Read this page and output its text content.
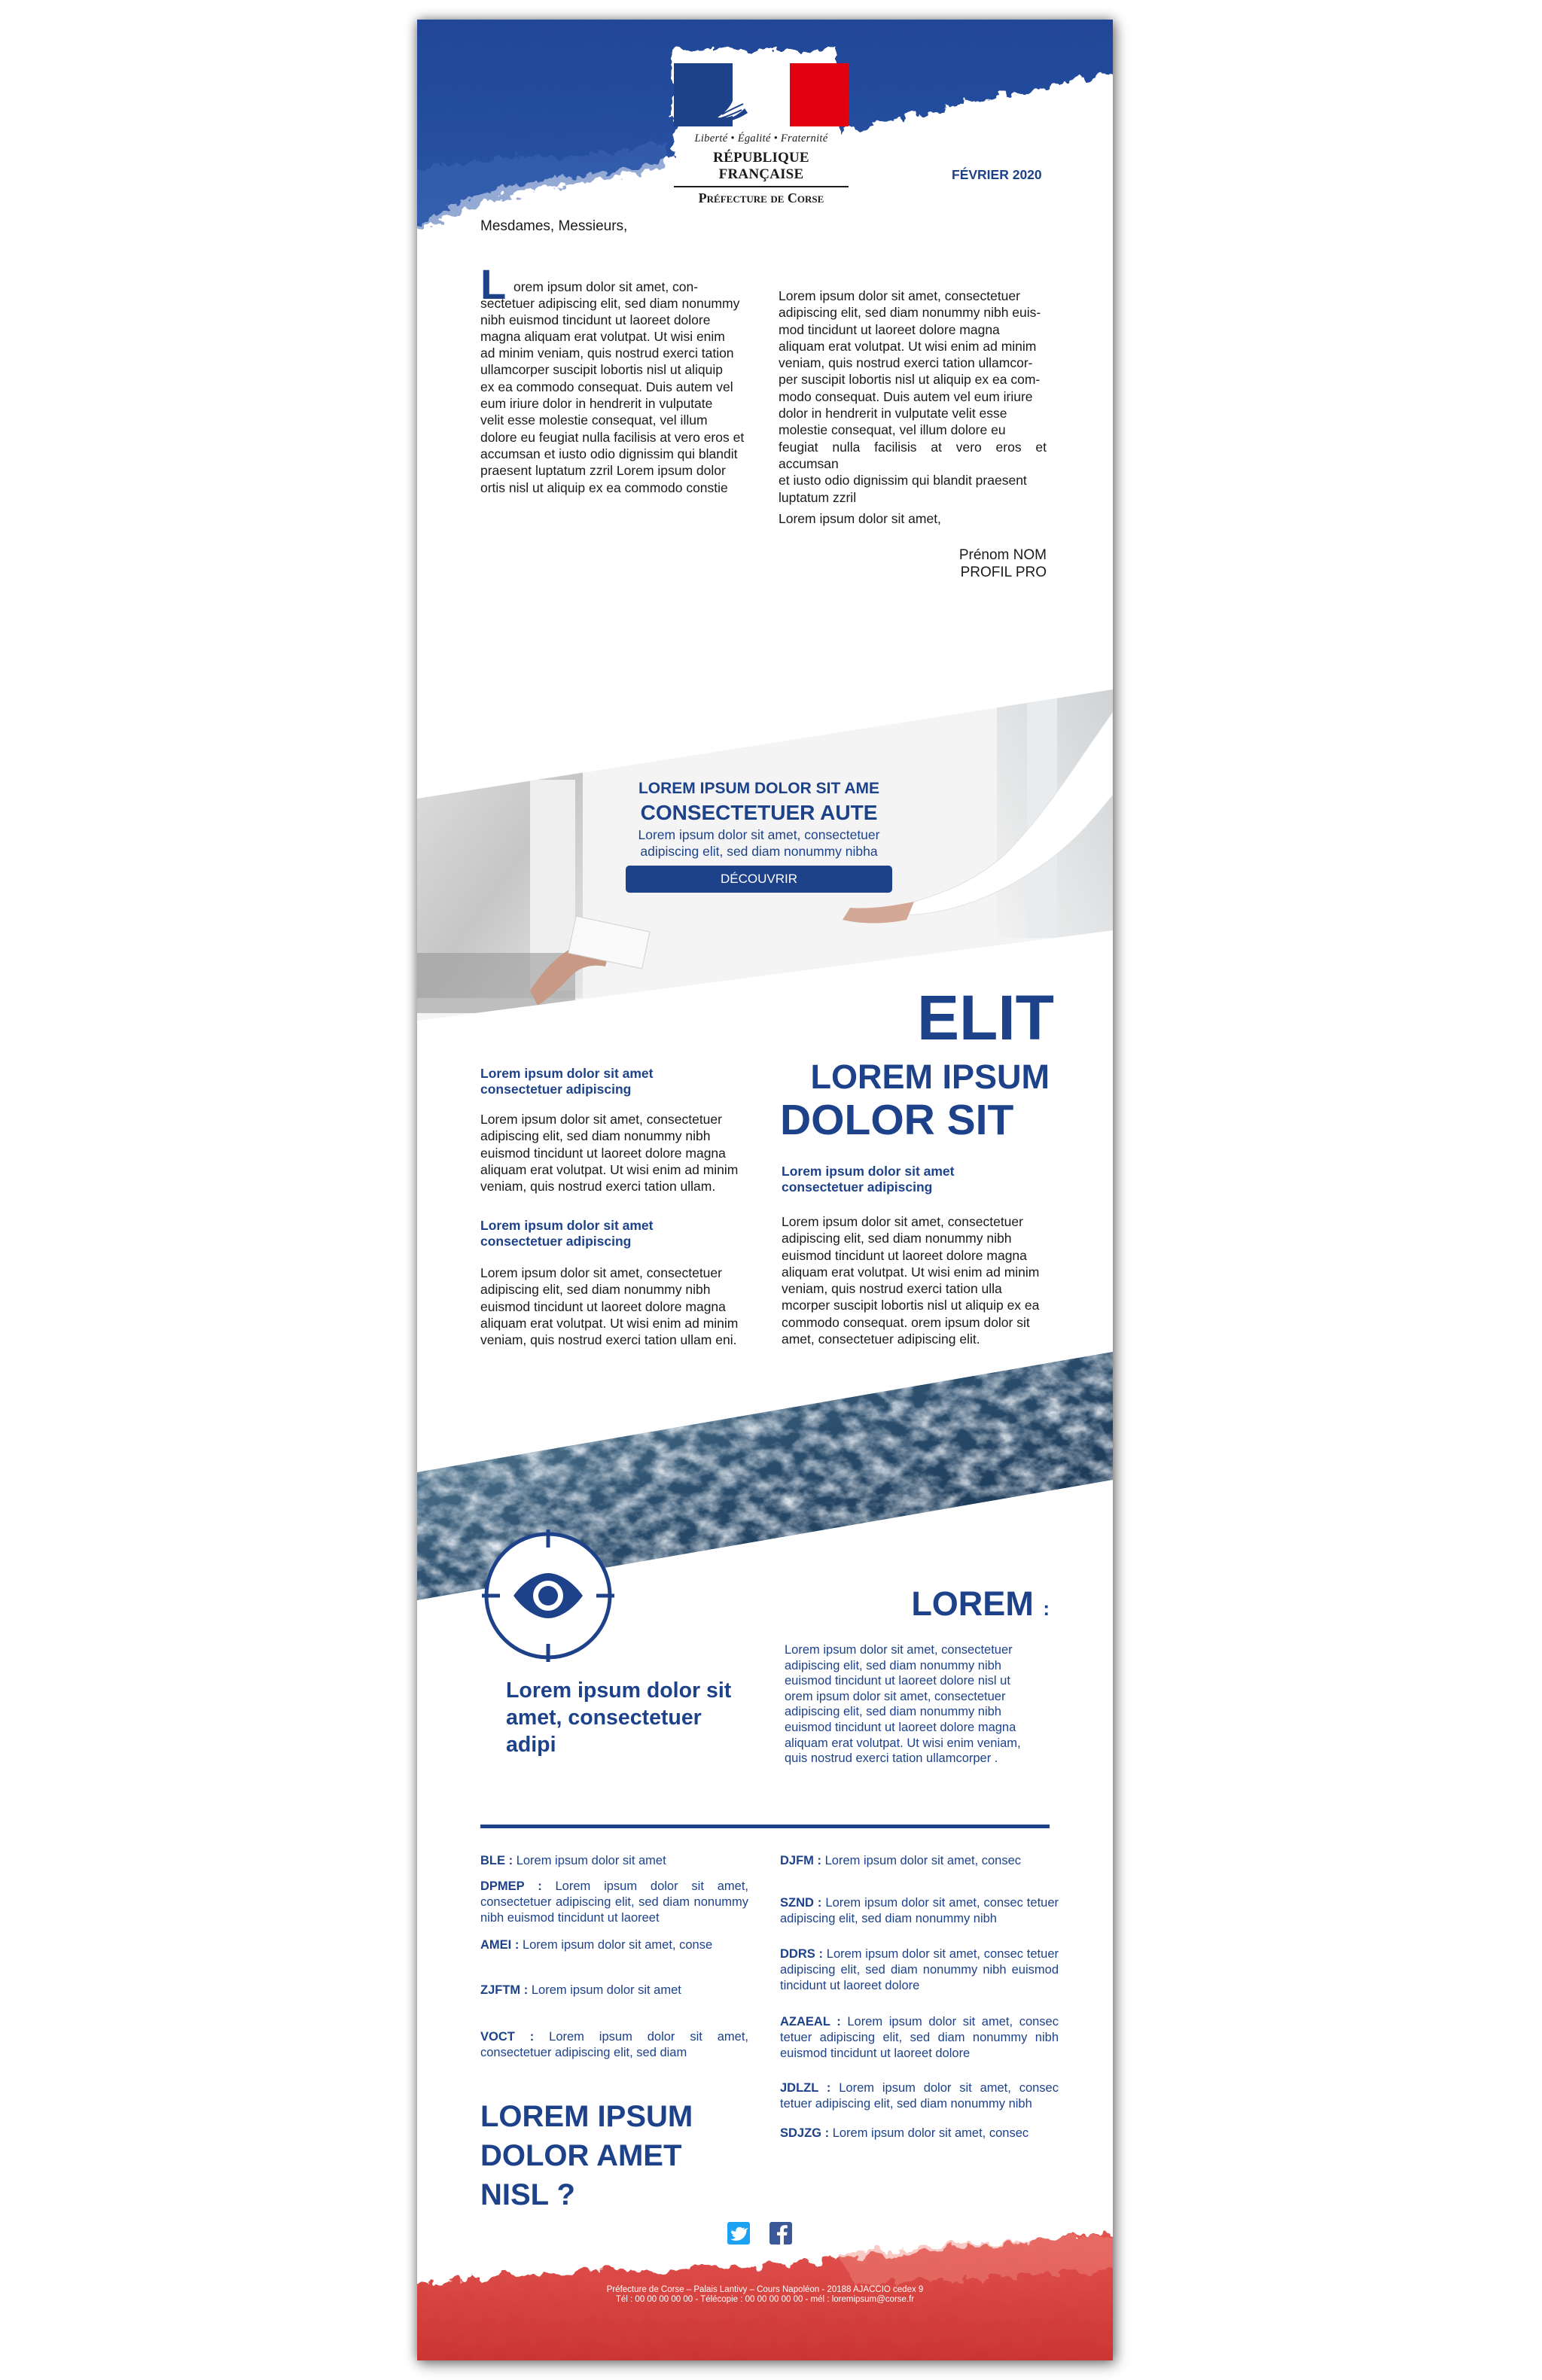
Liberté • Égalité • Fraternité
RÉPUBLIQUE FRANÇAISE
Préfecture de Corse
FÉVRIER 2020
Mesdames, Messieurs,
L orem ipsum dolor sit amet, con-
sectetuer adipiscing elit, sed diam nonummy
nibh euismod tincidunt ut laoreet dolore
magna aliquam erat volutpat. Ut wisi enim
ad minim veniam, quis nostrud exerci tation
ullamcorper suscipit lobortis nisl ut aliquip
ex ea commodo consequat. Duis autem vel
eum iriure dolor in hendrerit in vulputate
velit esse molestie consequat, vel illum
dolore eu feugiat nulla facilisis at vero eros et
accumsan et iusto odio dignissim qui blandit
praesent luptatum zzril Lorem ipsum dolor
ortis nisl ut aliquip ex ea commodo constie
Lorem ipsum dolor sit amet, consectetuer
adipiscing elit, sed diam nonummy nibh euis-
mod tincidunt ut laoreet dolore magna
aliquam erat volutpat. Ut wisi enim ad minim
veniam, quis nostrud exerci tation ullamcor-
per suscipit lobortis nisl ut aliquip ex ea com-
modo consequat. Duis autem vel eum iriure
dolor in hendrerit in vulputate velit esse
molestie consequat, vel illum dolore eu
feugiat nulla facilisis at vero eros et accumsan
et iusto odio dignissim qui blandit praesent
luptatum zzril
Lorem ipsum dolor sit amet,
Prénom NOM
PROFIL PRO
LOREM IPSUM DOLOR SIT AME
CONSECTETUER AUTE
Lorem ipsum dolor sit amet, consectetuer
adipiscing elit, sed diam nonummy nibha
DÉCOUVRIR
ELIT
LOREM IPSUM
DOLOR SIT
Lorem ipsum dolor sit amet
consectetuer adipiscing
Lorem ipsum dolor sit amet, consectetuer
adipiscing elit, sed diam nonummy nibh
euismod tincidunt ut laoreet dolore magna
aliquam erat volutpat. Ut wisi enim ad minim
veniam, quis nostrud exerci tation ullam.
Lorem ipsum dolor sit amet
consectetuer adipiscing
Lorem ipsum dolor sit amet, consectetuer
adipiscing elit, sed diam nonummy nibh
euismod tincidunt ut laoreet dolore magna
aliquam erat volutpat. Ut wisi enim ad minim
veniam, quis nostrud exerci tation ullam eni.
Lorem ipsum dolor sit amet
consectetuer adipiscing
Lorem ipsum dolor sit amet, consectetuer
adipiscing elit, sed diam nonummy nibh
euismod tincidunt ut laoreet dolore magna
aliquam erat volutpat. Ut wisi enim ad minim
veniam, quis nostrud exerci tation ulla
mcorper suscipit lobortis nisl ut aliquip ex ea
commodo consequat. orem ipsum dolor sit
amet, consectetuer adipiscing elit.
LOREM :
Lorem ipsum dolor sit
amet, consectetuer
adipi
Lorem ipsum dolor sit amet, consectetuer
adipiscing elit, sed diam nonummy nibh
euismod tincidunt ut laoreet dolore nisl ut
orem ipsum dolor sit amet, consectetuer
adipiscing elit, sed diam nonummy nibh
euismod tincidunt ut laoreet dolore magna
aliquam erat volutpat. Ut wisi enim veniam,
quis nostrud exerci tation ullamcorper .
BLE : Lorem ipsum dolor sit amet
DPMEP : Lorem ipsum dolor sit amet, consectetuer adipiscing elit, sed diam nonummy nibh euismod tincidunt ut laoreet
AMEI : Lorem ipsum dolor sit amet, conse
ZJFTM : Lorem ipsum dolor sit amet
VOCT : Lorem ipsum dolor sit amet, consectetuer adipiscing elit, sed diam
LOREM IPSUM
DOLOR AMET
NISL ?
DJFM : Lorem ipsum dolor sit amet, consec
SZND : Lorem ipsum dolor sit amet, consec tetuer adipiscing elit, sed diam nonummy nibh
DDRS : Lorem ipsum dolor sit amet, consec tetuer adipiscing elit, sed diam nonummy nibh euismod tincidunt ut laoreet dolore
AZAEAL : Lorem ipsum dolor sit amet, consec tetuer adipiscing elit, sed diam nonummy nibh euismod tincidunt ut laoreet dolore
JDLZL : Lorem ipsum dolor sit amet, consec tetuer adipiscing elit, sed diam nonummy nibh
SDJZG : Lorem ipsum dolor sit amet, consec
Préfecture de Corse – Palais Lantivy – Cours Napoléon - 20188 AJACCIO cedex 9
Tél : 00 00 00 00 00 - Télécopie : 00 00 00 00 00 - mél : loremipsum@corse.fr
